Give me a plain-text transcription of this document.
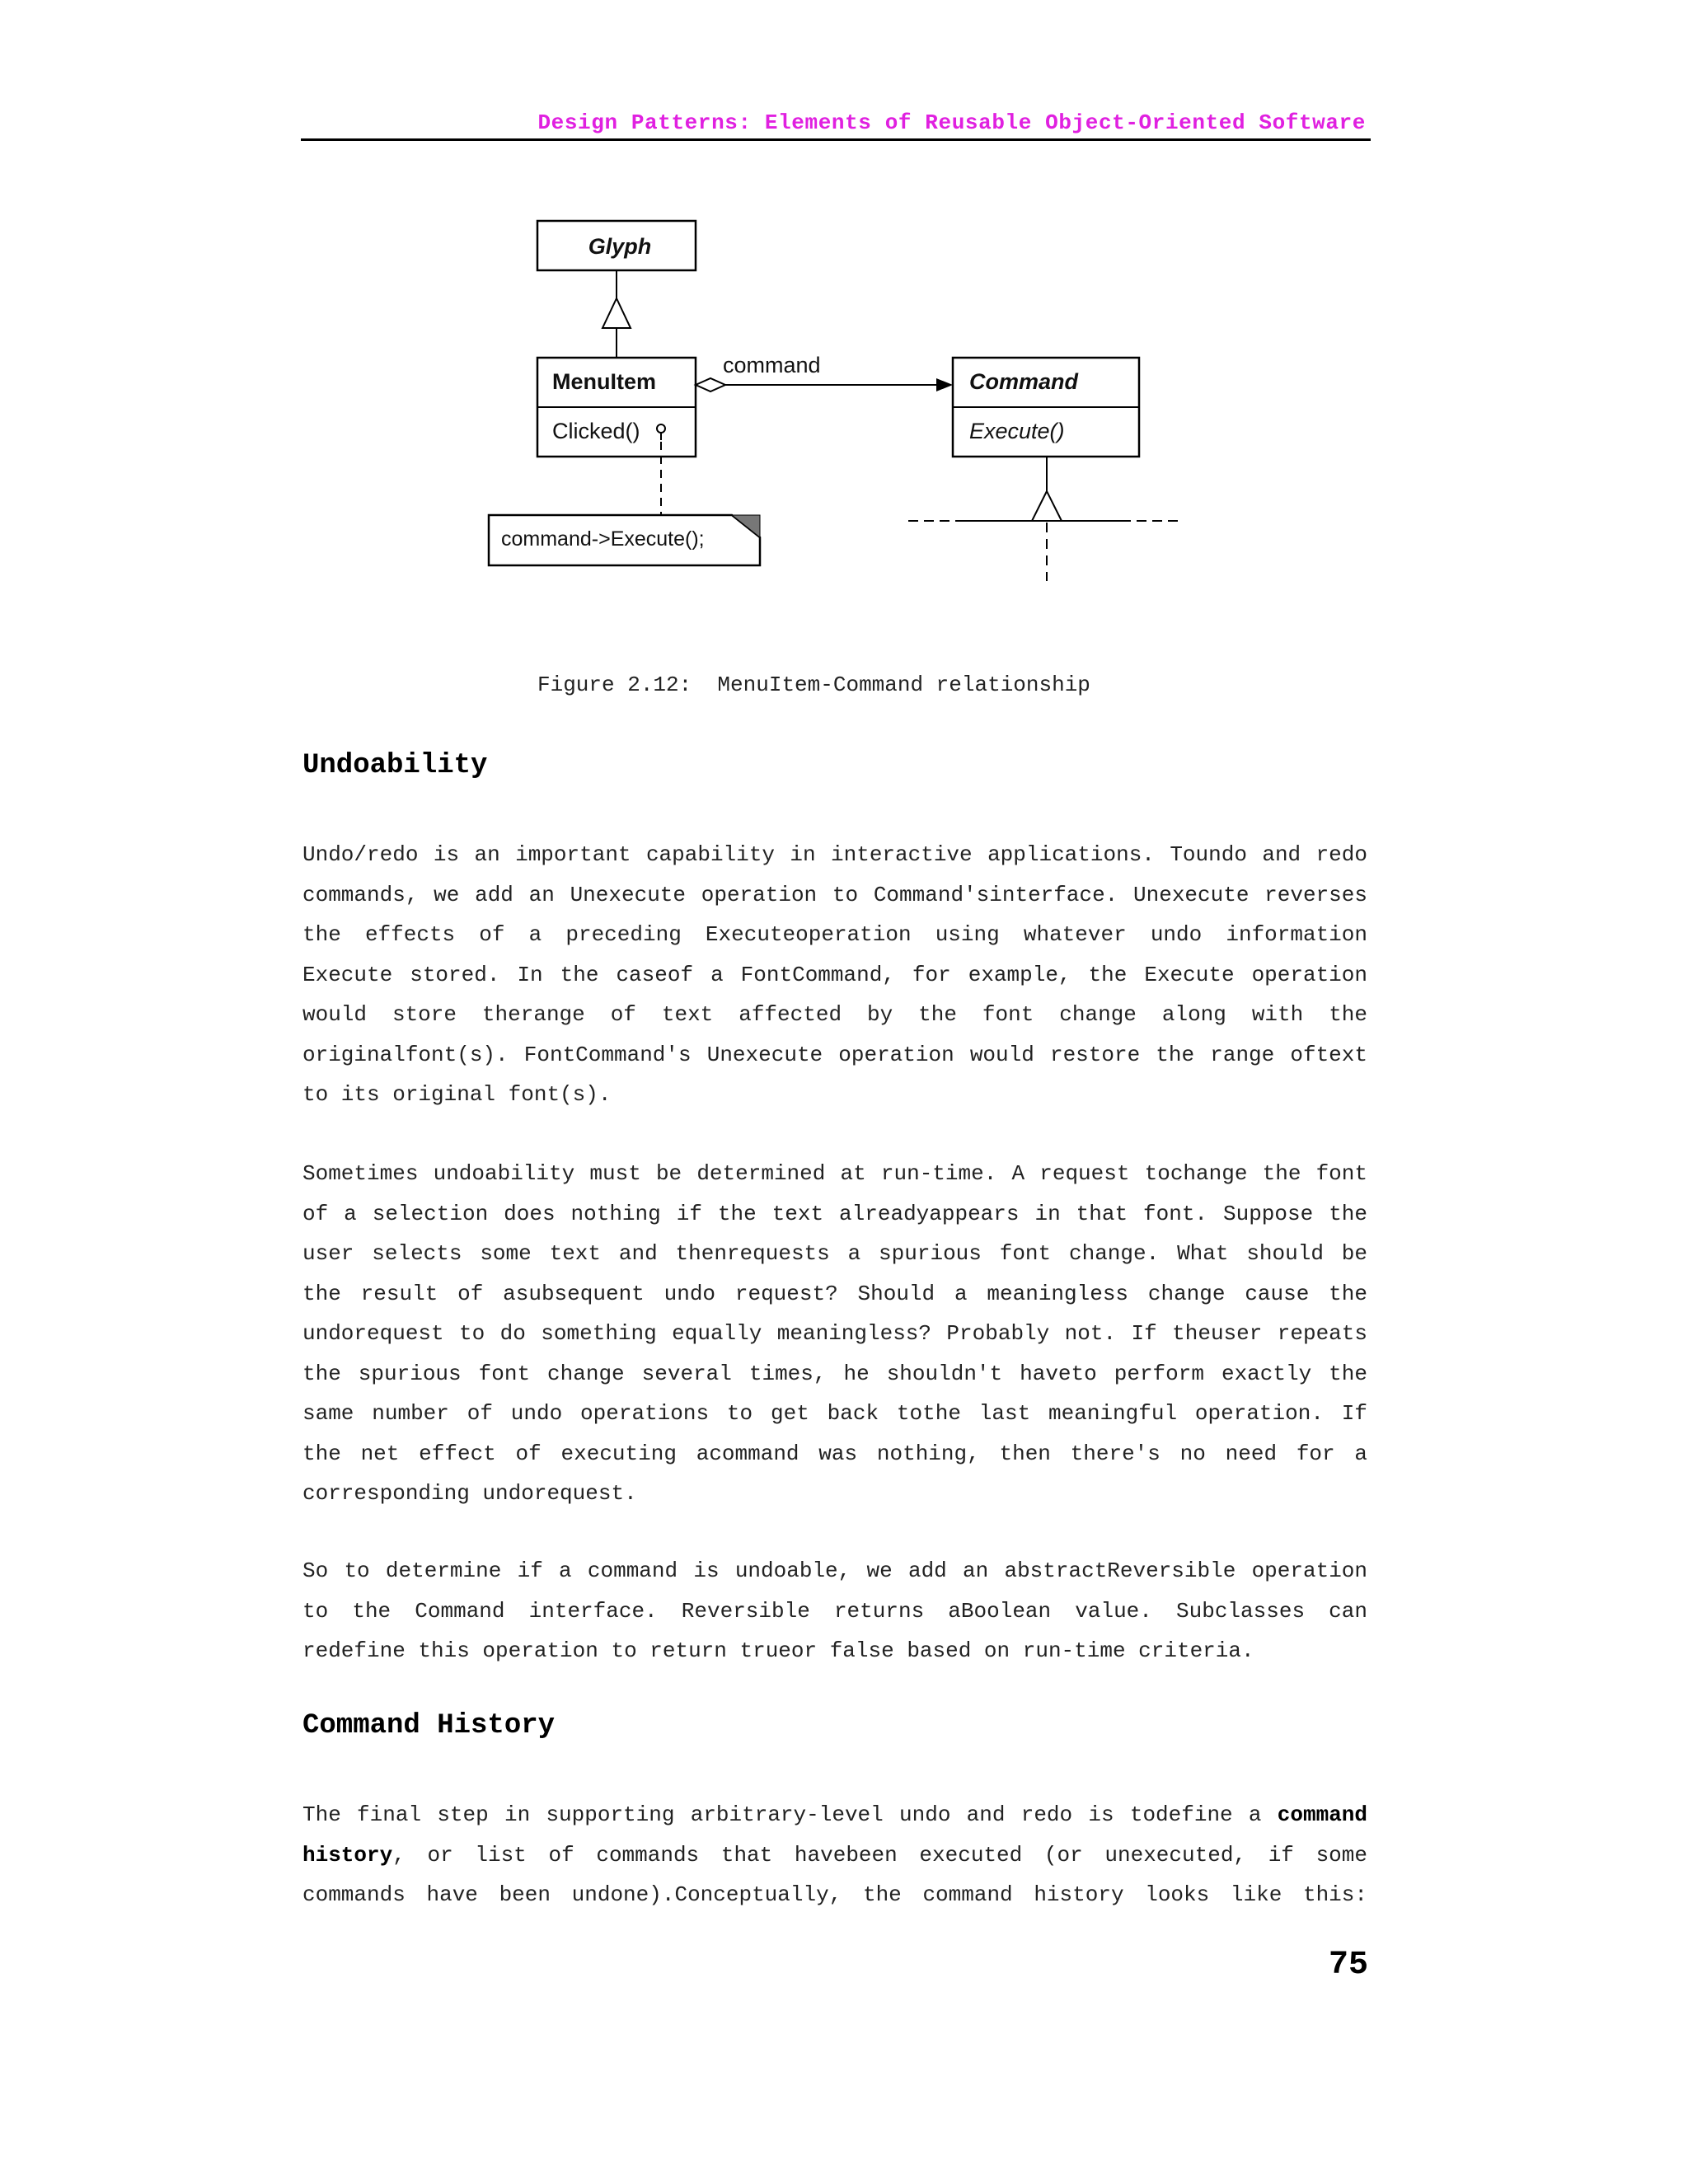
Design Patterns: Elements of Reusable Object-Oriented Software
Glyph
MenuItem
Clicked()
command->Execute();
command
Command
Execute()
Figure 2.12:  MenuItem-Command relationship
Undoability

Undo/redo is an important capability in interactive applications. Toundo and redo
commands, we add an Unexecute operation to Command'sinterface. Unexecute reverses
the effects of a preceding Executeoperation using whatever undo information
Execute stored. In the caseof a FontCommand, for example, the Execute operation
would store therange of text affected by the font change along with the
originalfont(s). FontCommand's Unexecute operation would restore the range oftext
to its original font(s).

Sometimes undoability must be determined at run-time. A request tochange the font
of a selection does nothing if the text alreadyappears in that font. Suppose the
user selects some text and thenrequests a spurious font change. What should be
the result of asubsequent undo request? Should a meaningless change cause the
undorequest to do something equally meaningless? Probably not. If theuser repeats
the spurious font change several times, he shouldn't haveto perform exactly the
same number of undo operations to get back tothe last meaningful operation. If
the net effect of executing acommand was nothing, then there's no need for a
corresponding undorequest.

So to determine if a command is undoable, we add an abstractReversible operation
to the Command interface. Reversible returns aBoolean value. Subclasses can
redefine this operation to return trueor false based on run-time criteria.

Command History

The final step in supporting arbitrary-level undo and redo is todefine a command
history, or list of commands that havebeen executed (or unexecuted, if some
commands have been undone).Conceptually, the command history looks like this:

75
